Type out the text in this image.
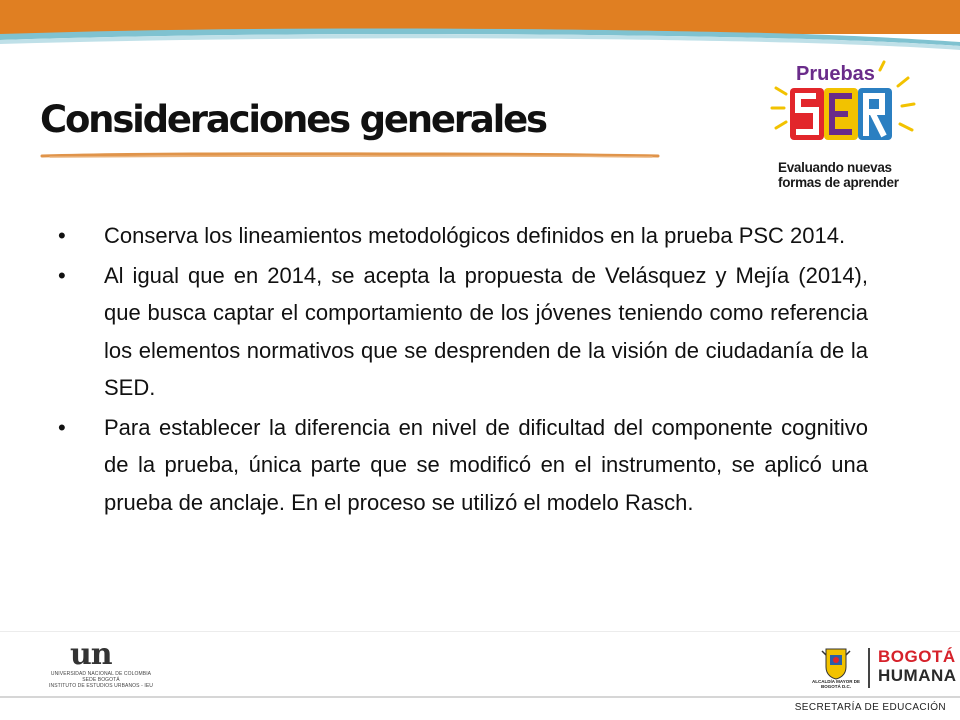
Consideraciones generales
Pruebas
Evaluando nuevas
formas de aprender
• Conserva los lineamientos metodológicos definidos en la prueba PSC 2014.
• Al igual que en 2014, se acepta la propuesta de Velásquez y Mejía (2014), que busca captar el comportamiento de los jóvenes teniendo como referencia los elementos normativos que se desprenden de la visión de ciudadanía de la SED.
• Para establecer la diferencia en nivel de dificultad del componente cognitivo de la prueba, única parte que se modificó en el instrumento, se aplicó una prueba de anclaje. En el proceso se utilizó el modelo Rasch.
un
UNIVERSIDAD NACIONAL DE COLOMBIA
SEDE BOGOTÁ
INSTITUTO DE ESTUDIOS URBANOS - IEU
ALCALDÍA MAYOR DE BOGOTÁ D.C.
BOGOTÁ
HUMANA
SECRETARÍA DE EDUCACIÓN
